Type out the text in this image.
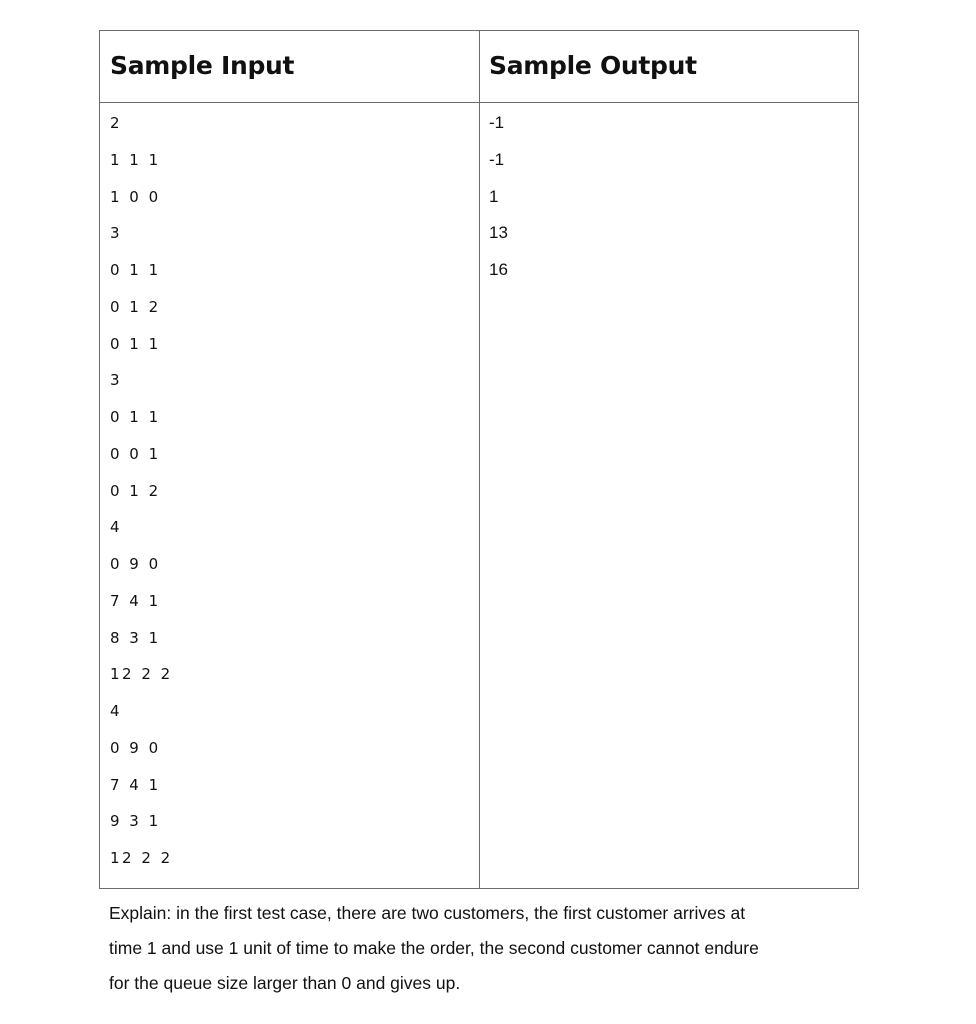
Sample Input	Sample Output
2
1 1 1
1 0 0
3
0 1 1
0 1 2
0 1 1
3
0 1 1
0 0 1
0 1 2
4
0 9 0
7 4 1
8 3 1
12 2 2
4
0 9 0
7 4 1
9 3 1
12 2 2
-1
-1
1
13
16
Explain: in the first test case, there are two customers, the first customer arrives at
time 1 and use 1 unit of time to make the order, the second customer cannot endure
for the queue size larger than 0 and gives up.
